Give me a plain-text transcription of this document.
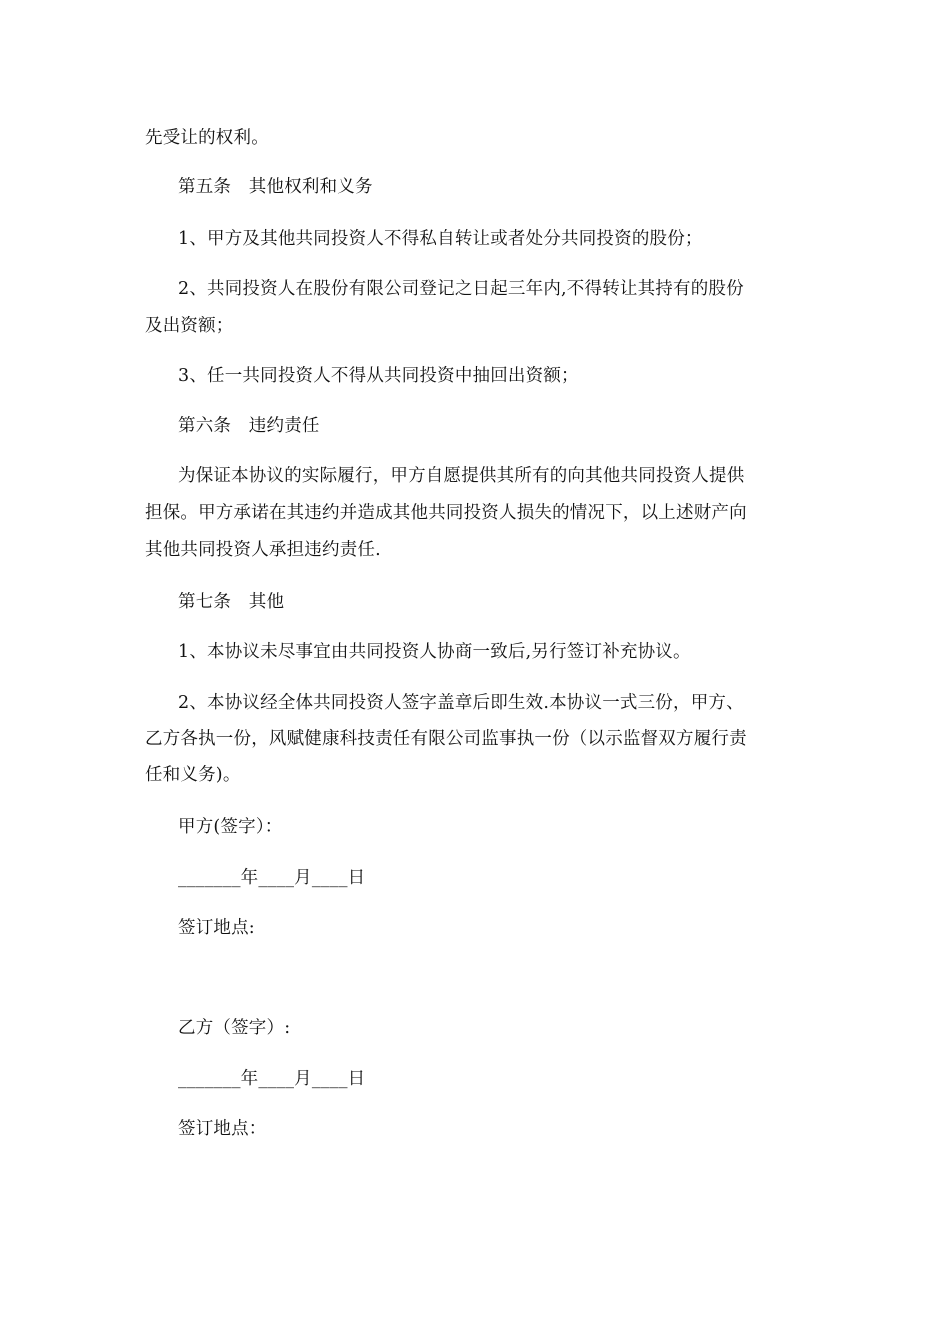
先受让的权利。
第五条　其他权利和义务
1、甲方及其他共同投资人不得私自转让或者处分共同投资的股份；
2、共同投资人在股份有限公司登记之日起三年内,不得转让其持有的股份
及出资额；
3、任一共同投资人不得从共同投资中抽回出资额；
第六条　违约责任
为保证本协议的实际履行，甲方自愿提供其所有的向其他共同投资人提供
担保。甲方承诺在其违约并造成其他共同投资人损失的情况下，以上述财产向
其他共同投资人承担违约责任.
第七条　其他
1、本协议未尽事宜由共同投资人协商一致后,另行签订补充协议。
2、本协议经全体共同投资人签字盖章后即生效.本协议一式三份，甲方、
乙方各执一份，风赋健康科技责任有限公司监事执一份（以示监督双方履行责
任和义务)。
甲方(签字）：
_______年____月____日
签订地点:
乙方（签字）:
_______年____月____日
签订地点：
